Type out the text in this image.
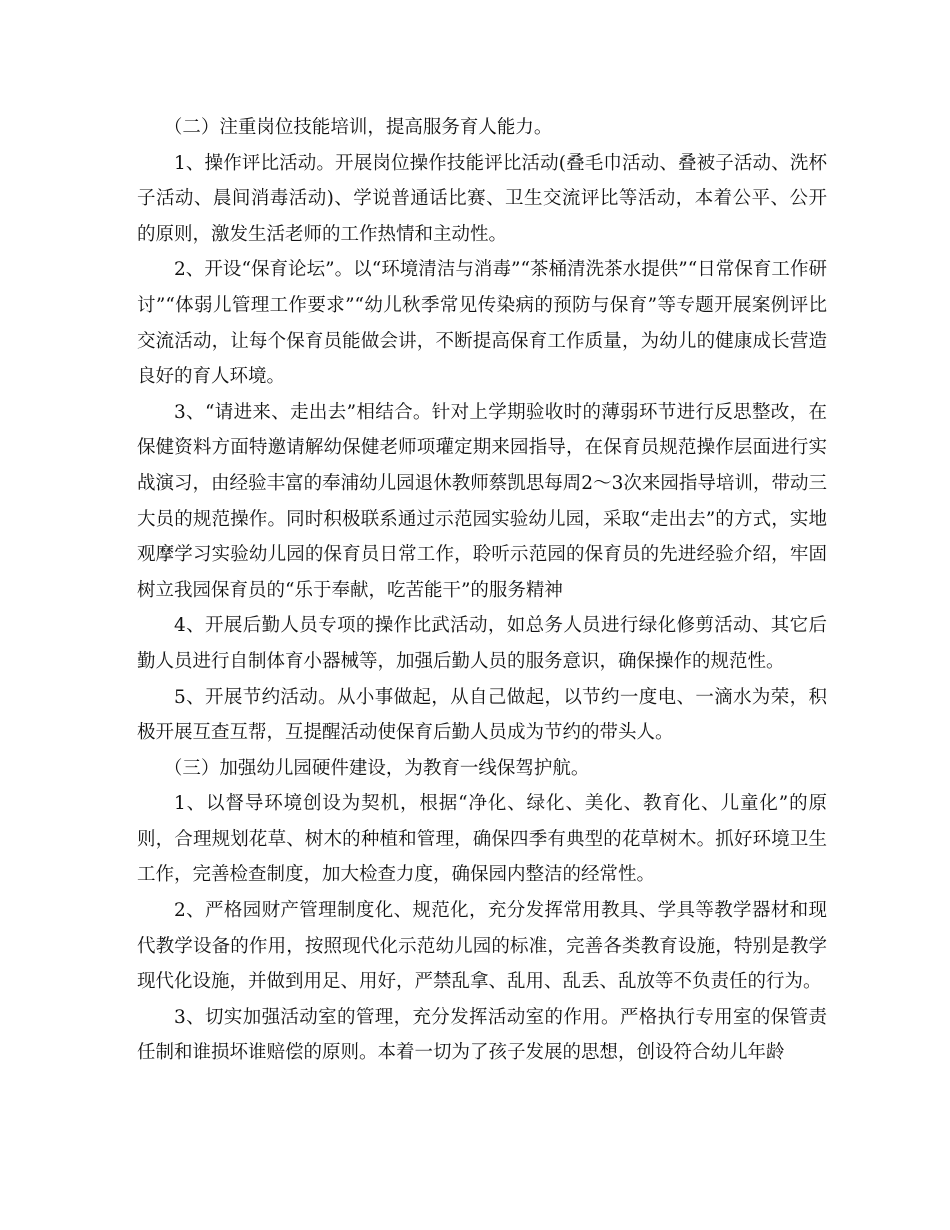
（二）注重岗位技能培训，提高服务育人能力。

1、操作评比活动。开展岗位操作技能评比活动(叠毛巾活动、叠被子活动、洗杯子活动、晨间消毒活动)、学说普通话比赛、卫生交流评比等活动，本着公平、公开的原则，激发生活老师的工作热情和主动性。

2、开设“保育论坛”。以“环境清洁与消毒”“茶桶清洗茶水提供”“日常保育工作研讨”“体弱儿管理工作要求”“幼儿秋季常见传染病的预防与保育”等专题开展案例评比交流活动，让每个保育员能做会讲，不断提高保育工作质量，为幼儿的健康成长营造良好的育人环境。

3、“请进来、走出去”相结合。针对上学期验收时的薄弱环节进行反思整改，在保健资料方面特邀请解幼保健老师项瓘定期来园指导，在保育员规范操作层面进行实战演习，由经验丰富的奉浦幼儿园退休教师蔡凯思每周2～3次来园指导培训，带动三大员的规范操作。同时积极联系通过示范园实验幼儿园，采取“走出去”的方式，实地观摩学习实验幼儿园的保育员日常工作，聆听示范园的保育员的先进经验介绍，牢固树立我园保育员的“乐于奉献，吃苦能干”的服务精神

4、开展后勤人员专项的操作比武活动，如总务人员进行绿化修剪活动、其它后勤人员进行自制体育小器械等，加强后勤人员的服务意识，确保操作的规范性。

5、开展节约活动。从小事做起，从自己做起，以节约一度电、一滴水为荣，积极开展互查互帮，互提醒活动使保育后勤人员成为节约的带头人。

（三）加强幼儿园硬件建设，为教育一线保驾护航。

1、以督导环境创设为契机，根据“净化、绿化、美化、教育化、儿童化”的原则，合理规划花草、树木的种植和管理，确保四季有典型的花草树木。抓好环境卫生工作，完善检查制度，加大检查力度，确保园内整洁的经常性。

2、严格园财产管理制度化、规范化，充分发挥常用教具、学具等教学器材和现代教学设备的作用，按照现代化示范幼儿园的标准，完善各类教育设施，特别是教学现代化设施，并做到用足、用好，严禁乱拿、乱用、乱丢、乱放等不负责任的行为。

3、切实加强活动室的管理，充分发挥活动室的作用。严格执行专用室的保管责任制和谁损坏谁赔偿的原则。本着一切为了孩子发展的思想，创设符合幼儿年龄
